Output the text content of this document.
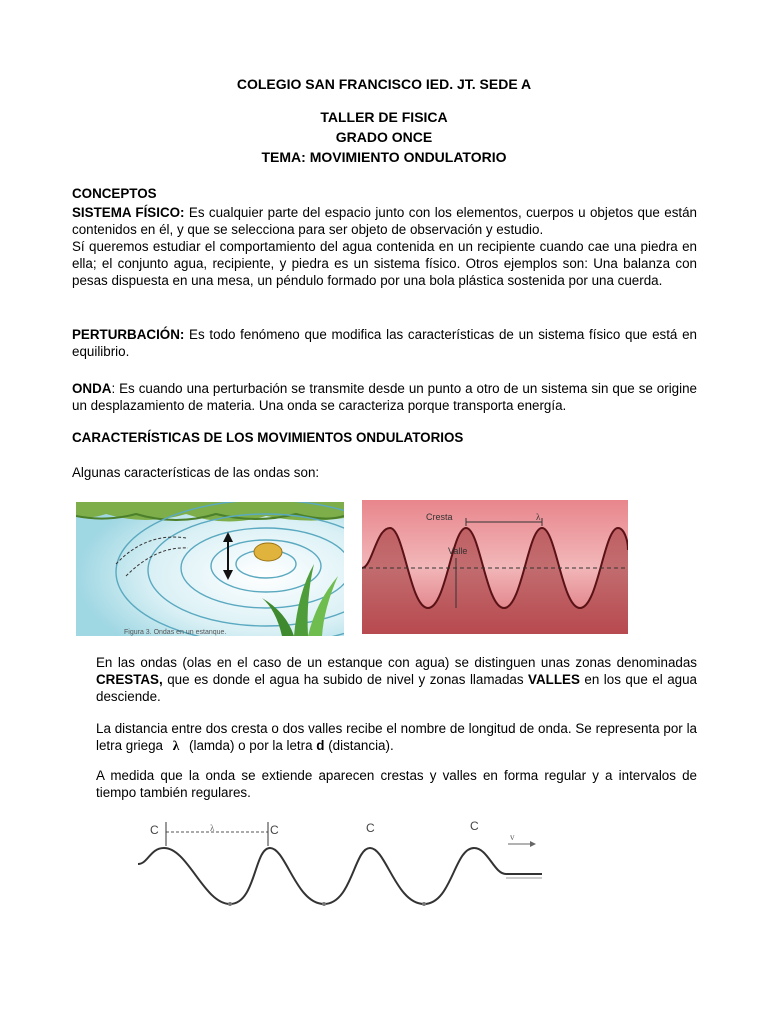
COLEGIO SAN FRANCISCO IED. JT. SEDE A
TALLER DE FISICA
GRADO ONCE
TEMA: MOVIMIENTO ONDULATORIO
CONCEPTOS
SISTEMA FÍSICO: Es cualquier parte del espacio junto con los elementos, cuerpos u objetos que están contenidos en él, y que se selecciona para ser objeto de observación y estudio.
Sí queremos estudiar el comportamiento del agua contenida en un recipiente cuando cae una piedra en ella; el conjunto agua, recipiente, y piedra es un sistema físico. Otros ejemplos son: Una balanza con pesas dispuesta en una mesa, un péndulo formado por una bola plástica sostenida por una cuerda.
PERTURBACIÓN: Es todo fenómeno que modifica las características de un sistema físico que está en equilibrio.
ONDA: Es cuando una perturbación se transmite desde un punto a otro de un sistema sin que se origine un desplazamiento de materia. Una onda se caracteriza porque transporta energía.
CARACTERÍSTICAS DE LOS MOVIMIENTOS ONDULATORIOS
Algunas características de las ondas son:
Figura 3. Ondas en un estanque.
Cresta	λ
Valle
En las ondas (olas en el caso de un estanque con agua) se distinguen unas zonas denominadas CRESTAS, que es donde el agua ha subido de nivel y zonas llamadas VALLES en los que el agua desciende.
La distancia entre dos cresta o dos valles recibe el nombre de longitud de onda. Se representa por la letra griega λ (lamda) o por la letra d (distancia).
A medida que la onda se extiende aparecen crestas y valles en forma regular y a intervalos de tiempo también regulares.
C	λ	C	C	C
v
